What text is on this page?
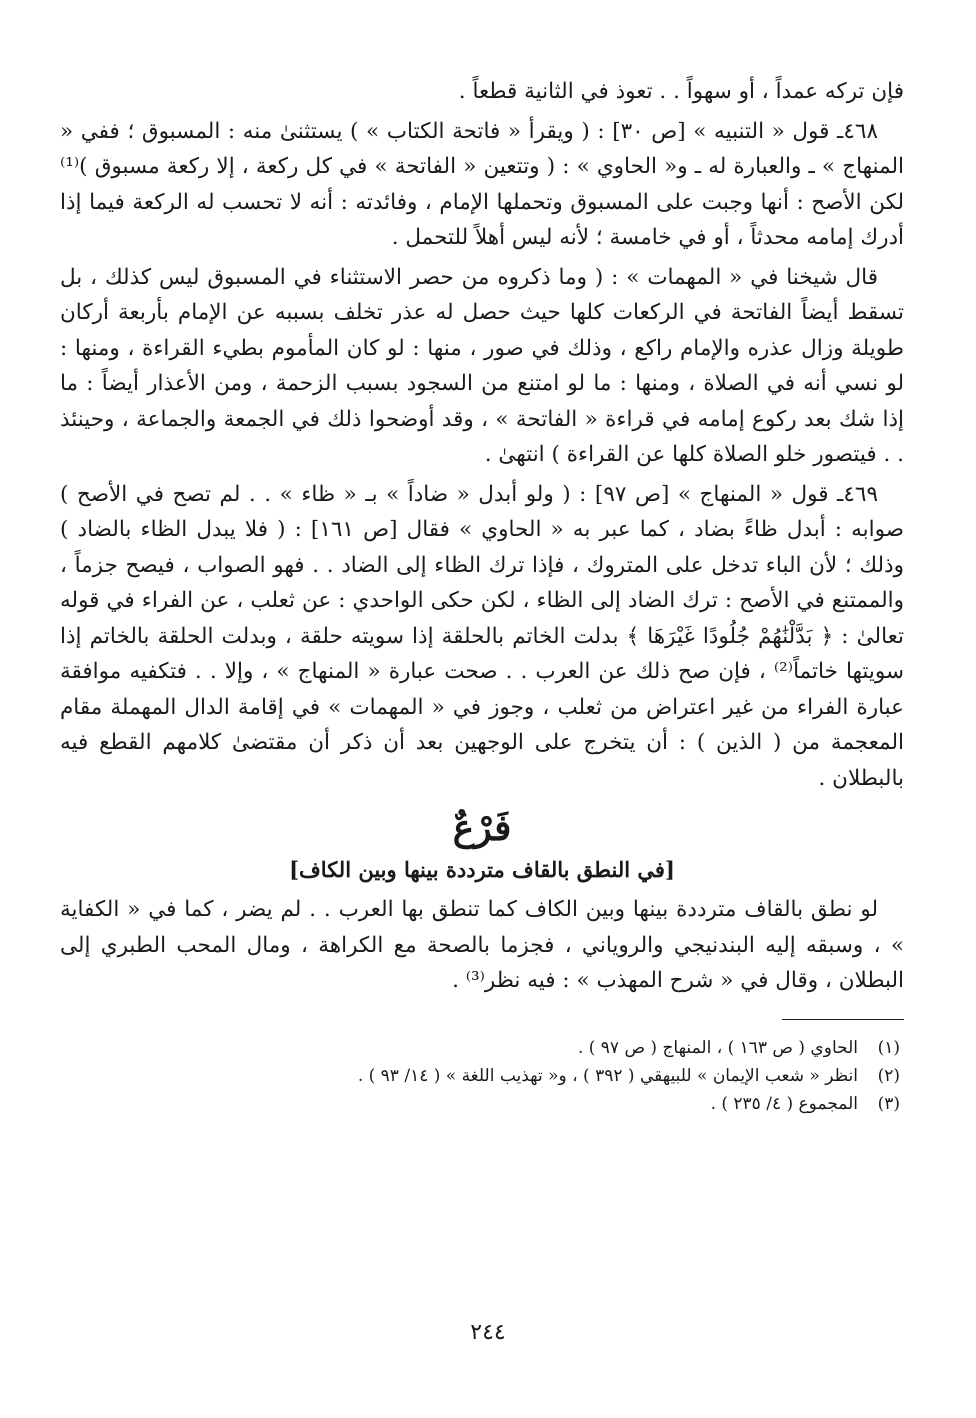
فإن تركه عمداً ، أو سهواً . . تعوذ في الثانية قطعاً .

٤٦٨ـ قول « التنبيه » [ص ٣٠] : ( ويقرأ « فاتحة الكتاب » ) يستثنىٰ منه : المسبوق ؛ ففي « المنهاج » ـ والعبارة له ـ و« الحاوي » : ( وتتعين « الفاتحة » في كل ركعة ، إلا ركعة مسبوق )⁽¹⁾ لكن الأصح : أنها وجبت على المسبوق وتحملها الإمام ، وفائدته : أنه لا تحسب له الركعة فيما إذا أدرك إمامه محدثاً ، أو في خامسة ؛ لأنه ليس أهلاً للتحمل .

قال شيخنا في « المهمات » : ( وما ذكروه من حصر الاستثناء في المسبوق ليس كذلك ، بل تسقط أيضاً الفاتحة في الركعات كلها حيث حصل له عذر تخلف بسببه عن الإمام بأربعة أركان طويلة وزال عذره والإمام راكع ، وذلك في صور ، منها : لو كان المأموم بطيء القراءة ، ومنها : لو نسي أنه في الصلاة ، ومنها : ما لو امتنع من السجود بسبب الزحمة ، ومن الأعذار أيضاً : ما إذا شك بعد ركوع إمامه في قراءة « الفاتحة » ، وقد أوضحوا ذلك في الجمعة والجماعة ، وحينئذ . . فيتصور خلو الصلاة كلها عن القراءة ) انتهىٰ .

٤٦٩ـ قول « المنهاج » [ص ٩٧] : ( ولو أبدل « ضاداً » بـ « ظاء » . . لم تصح في الأصح ) صوابه : أبدل ظاءً بضاد ، كما عبر به « الحاوي » فقال [ص ١٦١] : ( فلا يبدل الظاء بالضاد ) وذلك ؛ لأن الباء تدخل على المتروك ، فإذا ترك الظاء إلى الضاد . . فهو الصواب ، فيصح جزماً ، والممتنع في الأصح : ترك الضاد إلى الظاء ، لكن حكى الواحدي : عن ثعلب ، عن الفراء في قوله تعالىٰ : ﴿ بَدَّلْنَٰهُمْ جُلُودًا غَيْرَهَا ﴾ بدلت الخاتم بالحلقة إذا سويته حلقة ، وبدلت الحلقة بالخاتم إذا سويتها خاتماً⁽²⁾ ، فإن صح ذلك عن العرب . . صحت عبارة « المنهاج » ، وإلا . . فتكفيه موافقة عبارة الفراء من غير اعتراض من ثعلب ، وجوز في « المهمات » في إقامة الدال المهملة مقام المعجمة من ( الذين ) : أن يتخرج على الوجهين بعد أن ذكر أن مقتضىٰ كلامهم القطع فيه بالبطلان .

فَرْعٌ
[في النطق بالقاف مترددة بينها وبين الكاف]

لو نطق بالقاف مترددة بينها وبين الكاف كما تنطق بها العرب . . لم يضر ، كما في « الكفاية » ، وسبقه إليه البندنيجي والروياني ، فجزما بالصحة مع الكراهة ، ومال المحب الطبري إلى البطلان ، وقال في « شرح المهذب » : فيه نظر⁽³⁾ .

(١)الحاوي ( ص ١٦٣ ) ، المنهاج ( ص ٩٧ ) .

(٢)انظر « شعب الإيمان » للبيهقي ( ٣٩٢ ) ، و« تهذيب اللغة » ( ١٤/ ٩٣ ) .

(٣)المجموع ( ٤/ ٢٣٥ ) .

٢٤٤
